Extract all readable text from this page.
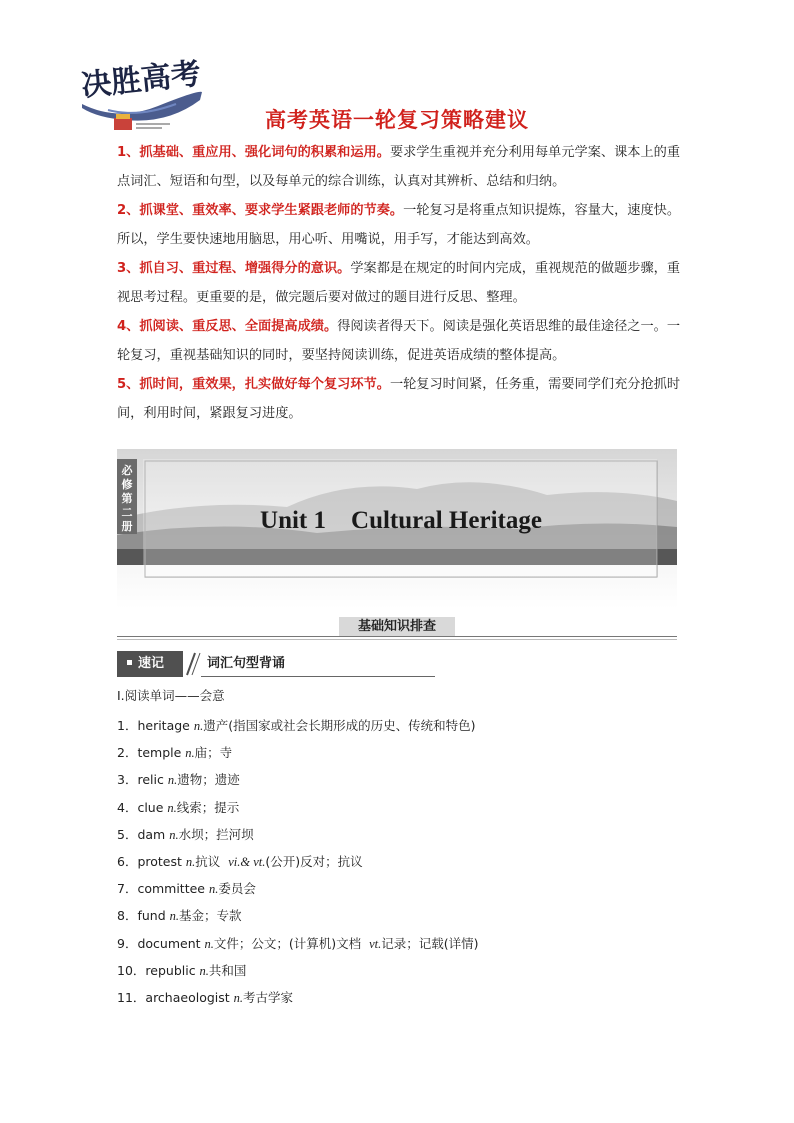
决胜高考
高考英语一轮复习策略建议

1、抓基础、重应用、强化词句的积累和运用。要求学生重视并充分利用每单元学案、课本上的重点词汇、短语和句型，以及每单元的综合训练，认真对其辨析、总结和归纳。

2、抓课堂、重效率、要求学生紧跟老师的节奏。一轮复习是将重点知识提炼，容量大，速度快。所以，学生要快速地用脑思，用心听、用嘴说，用手写，才能达到高效。

3、抓自习、重过程、增强得分的意识。学案都是在规定的时间内完成，重视规范的做题步骤，重视思考过程。更重要的是，做完题后要对做过的题目进行反思、整理。

4、抓阅读、重反思、全面提高成绩。得阅读者得天下。阅读是强化英语思维的最佳途径之一。一轮复习，重视基础知识的同时，要坚持阅读训练，促进英语成绩的整体提高。

5、抓时间，重效果，扎实做好每个复习环节。一轮复习时间紧，任务重，需要同学们充分抢抓时间，利用时间，紧跟复习进度。

必
修
第
二
册	Unit 1    Cultural Heritage
基础知识排查
速记	词汇句型背诵
Ⅰ.阅读单词——会意
1．heritage n.遗产(指国家或社会长期形成的历史、传统和特色)
2．temple n.庙；寺
3．relic n.遗物；遗迹
4．clue n.线索；提示
5．dam n.水坝；拦河坝
6．protest n.抗议  vi.& vt.(公开)反对；抗议
7．committee n.委员会
8．fund n.基金；专款
9．document n.文件；公文；(计算机)文档  vt.记录；记载(详情)
10．republic n.共和国
11．archaeologist n.考古学家
